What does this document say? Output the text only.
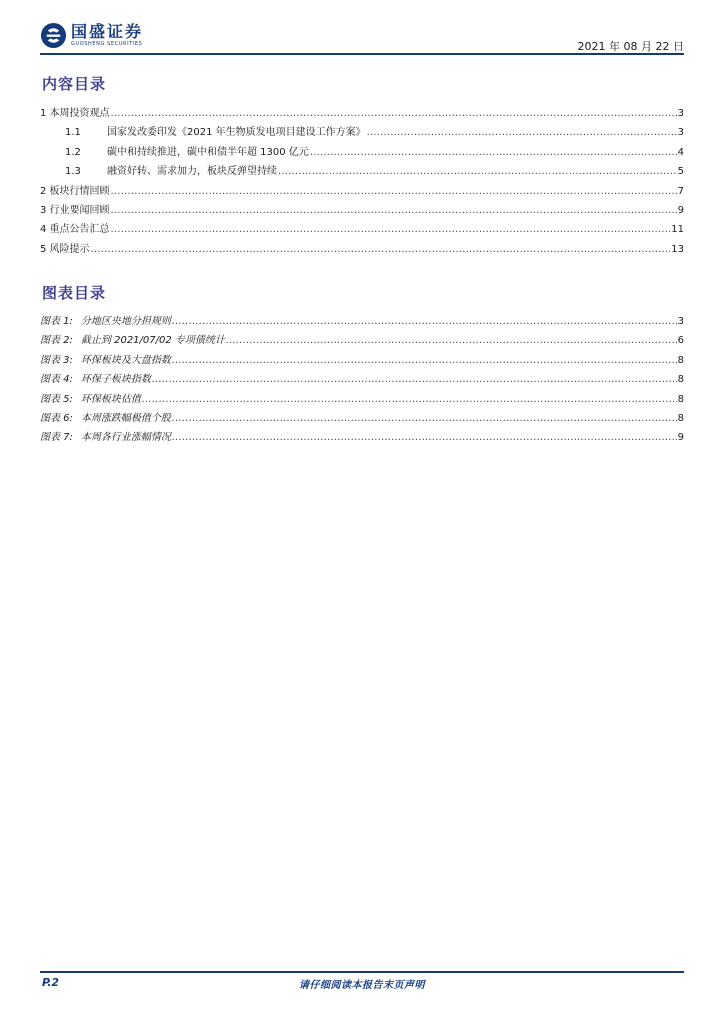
国盛证券
GUOSHENG SECURITIES	2021 年 08 月 22 日
内容目录
1 本周投资观点 .....	3
1.1	国家发改委印发《2021 年生物质发电项目建设工作方案》 .....	3
1.2	碳中和持续推进，碳中和债半年超 1300 亿元 .....	4
1.3	融资好转、需求加力，板块反弹望持续 .....	5
2 板块行情回顾 .....	7
3 行业要闻回顾 .....	9
4 重点公告汇总 .....	11
5 风险提示 .....	13
图表目录
图表 1: 分地区央地分担规则 .....	3
图表 2: 截止到 2021/07/02 专项债统计 .....	6
图表 3: 环保板块及大盘指数 .....	8
图表 4: 环保子板块指数 .....	8
图表 5: 环保板块估值 .....	8
图表 6: 本周涨跌幅极值个股 .....	8
图表 7: 本周各行业涨幅情况 .....	9
P.2	请仔细阅读本报告末页声明
